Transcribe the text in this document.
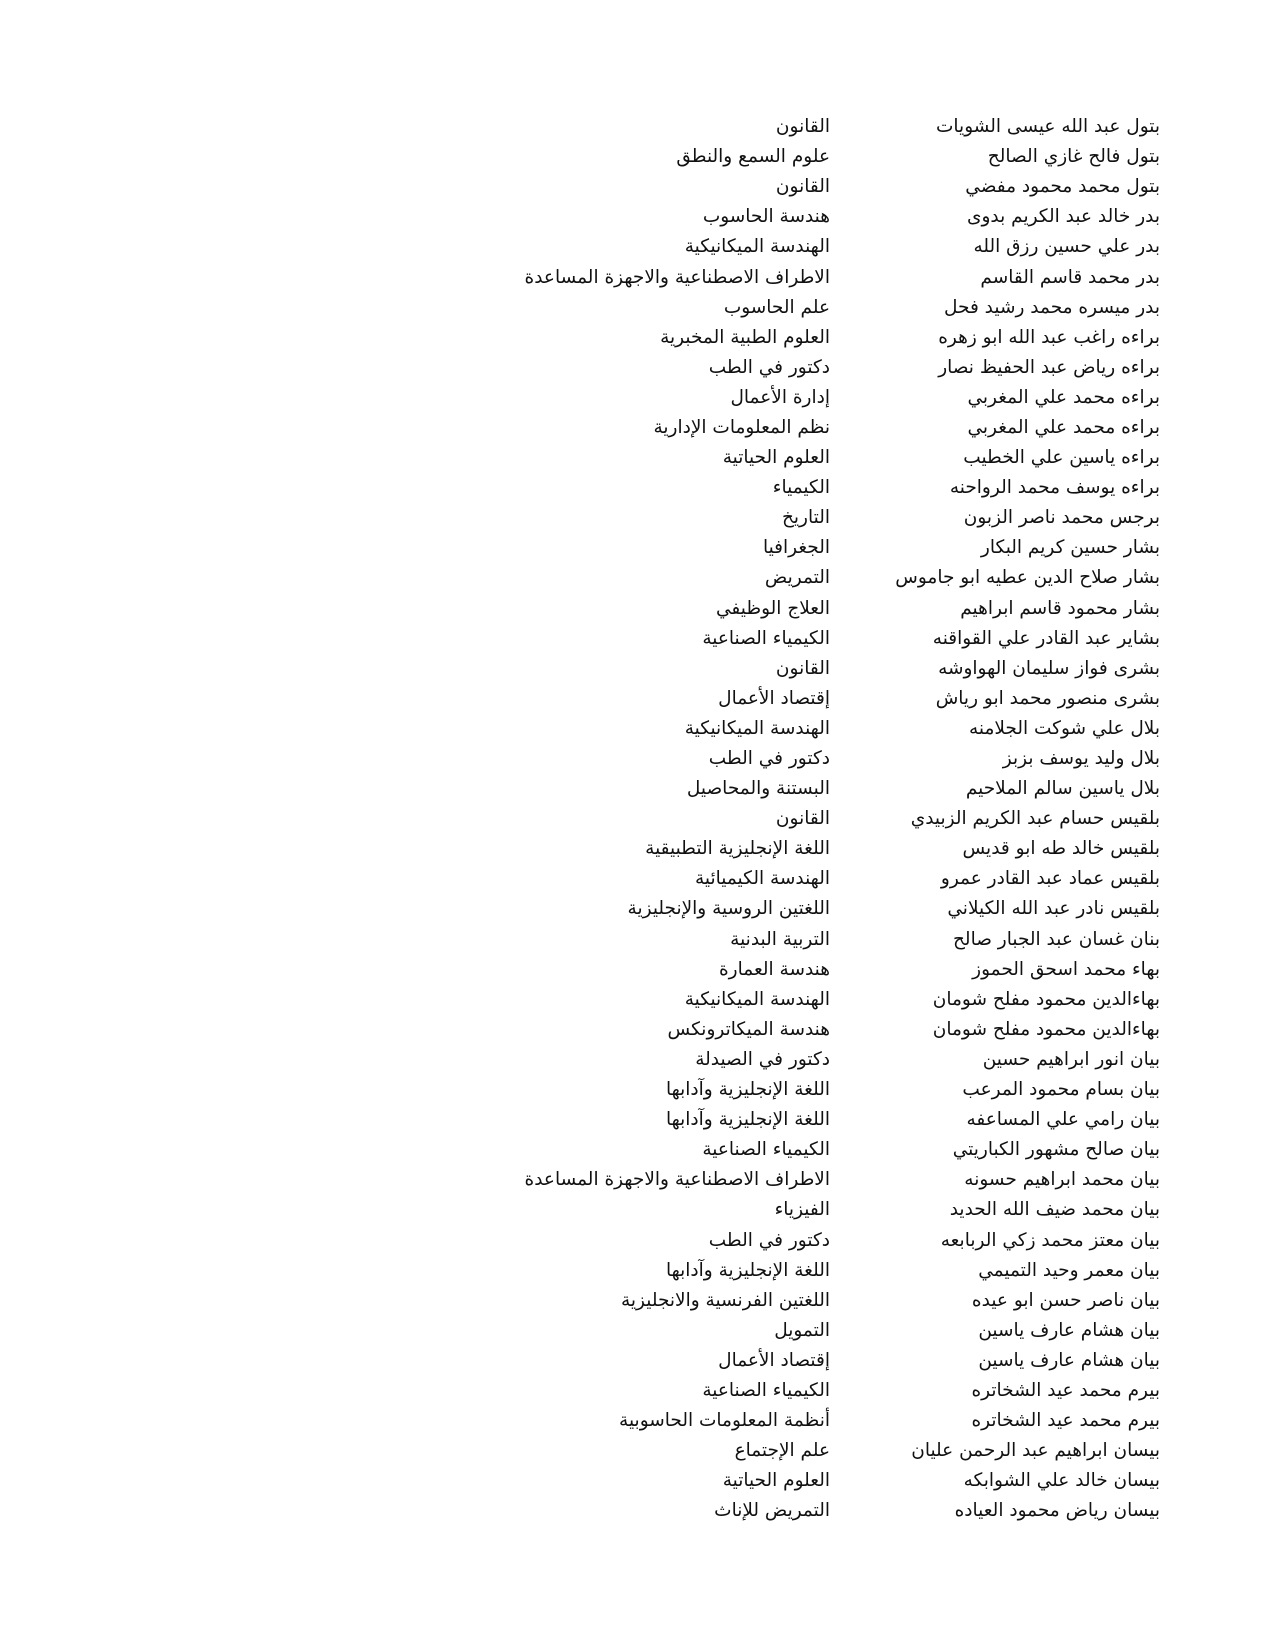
بتول عبد الله عيسى الشويات
القانون
بتول فالح غازي الصالح
علوم السمع والنطق
بتول محمد محمود مفضي
القانون
بدر خالد عبد الكريم بدوى
هندسة الحاسوب
بدر علي حسين رزق الله
الهندسة الميكانيكية
بدر محمد قاسم القاسم
الاطراف الاصطناعية والاجهزة المساعدة
بدر ميسره محمد رشيد فحل
علم الحاسوب
براءه راغب عبد الله ابو زهره
العلوم الطبية المخبرية
براءه رياض عبد الحفيظ نصار
دكتور في الطب
براءه محمد علي المغربي
إدارة الأعمال
براءه محمد علي المغربي
نظم المعلومات الإدارية
براءه ياسين علي الخطيب
العلوم الحياتية
براءه يوسف محمد الرواحنه
الكيمياء
برجس محمد ناصر الزبون
التاريخ
بشار حسين كريم البكار
الجغرافيا
بشار صلاح الدين عطيه ابو جاموس
التمريض
بشار محمود قاسم ابراهيم
العلاج الوظيفي
بشاير عبد القادر علي القواقنه
الكيمياء الصناعية
بشرى فواز سليمان الهواوشه
القانون
بشرى منصور محمد ابو رياش
إقتصاد الأعمال
بلال علي شوكت الجلامنه
الهندسة الميكانيكية
بلال وليد يوسف بزبز
دكتور في الطب
بلال ياسين سالم الملاحيم
البستنة والمحاصيل
بلقيس حسام عبد الكريم الزبيدي
القانون
بلقيس خالد طه ابو قديس
اللغة الإنجليزية التطبيقية
بلقيس عماد عبد القادر عمرو
الهندسة الكيميائية
بلقيس نادر عبد الله الكيلاني
اللغتين الروسية والإنجليزية
بنان غسان عبد الجبار صالح
التربية البدنية
بهاء محمد اسحق الحموز
هندسة العمارة
بهاءالدين محمود مفلح شومان
الهندسة الميكانيكية
بهاءالدين محمود مفلح شومان
هندسة الميكاترونكس
بيان انور ابراهيم حسين
دكتور في الصيدلة
بيان بسام محمود المرعب
اللغة الإنجليزية وآدابها
بيان رامي علي المساعفه
اللغة الإنجليزية وآدابها
بيان صالح مشهور الكباريتي
الكيمياء الصناعية
بيان محمد ابراهيم حسونه
الاطراف الاصطناعية والاجهزة المساعدة
بيان محمد ضيف الله الحديد
الفيزياء
بيان معتز محمد زكي الربابعه
دكتور في الطب
بيان معمر وحيد التميمي
اللغة الإنجليزية وآدابها
بيان ناصر حسن ابو عيده
اللغتين الفرنسية والانجليزية
بيان هشام عارف ياسين
التمويل
بيان هشام عارف ياسين
إقتصاد الأعمال
بيرم محمد عيد الشخاتره
الكيمياء الصناعية
بيرم محمد عيد الشخاتره
أنظمة المعلومات الحاسوبية
بيسان ابراهيم عبد الرحمن عليان
علم الإجتماع
بيسان خالد علي الشوابكه
العلوم الحياتية
بيسان رياض محمود العياده
التمريض للإناث
